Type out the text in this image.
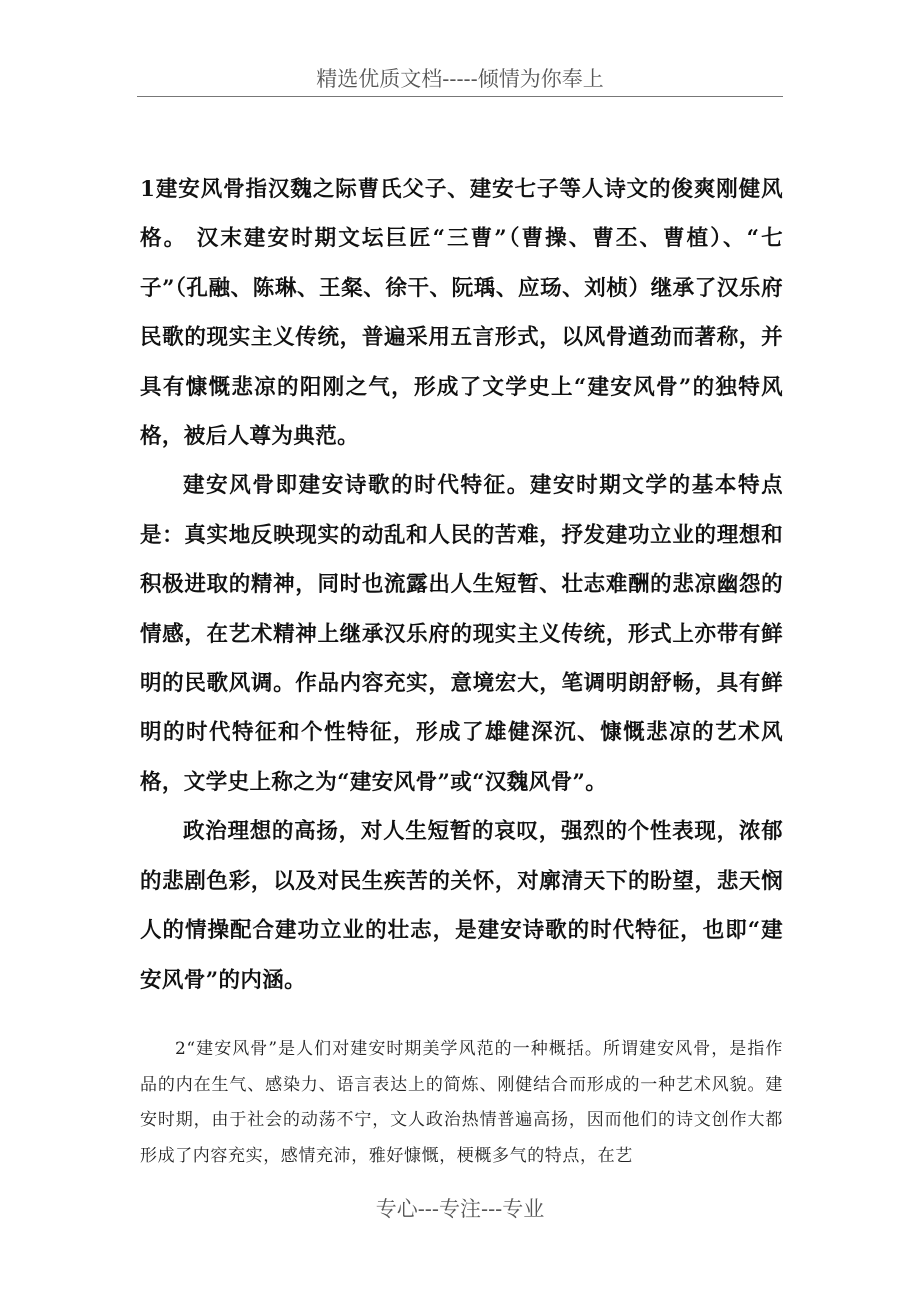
精选优质文档-----倾情为你奉上

1建安风骨指汉魏之际曹氏父子、建安七子等人诗文的俊爽刚健风格。 汉末建安时期文坛巨匠“三曹”（曹操、曹丕、曹植）、“七子”（孔融、陈琳、王粲、徐干、阮瑀、应玚、刘桢）继承了汉乐府民歌的现实主义传统，普遍采用五言形式，以风骨遒劲而著称，并具有慷慨悲凉的阳刚之气，形成了文学史上“建安风骨”的独特风格，被后人尊为典范。

建安风骨即建安诗歌的时代特征。建安时期文学的基本特点是：真实地反映现实的动乱和人民的苦难，抒发建功立业的理想和积极进取的精神，同时也流露出人生短暂、壮志难酬的悲凉幽怨的情感，在艺术精神上继承汉乐府的现实主义传统，形式上亦带有鲜明的民歌风调。作品内容充实，意境宏大，笔调明朗舒畅，具有鲜明的时代特征和个性特征，形成了雄健深沉、慷慨悲凉的艺术风格，文学史上称之为“建安风骨”或“汉魏风骨”。

政治理想的高扬，对人生短暂的哀叹，强烈的个性表现，浓郁的悲剧色彩，以及对民生疾苦的关怀，对廓清天下的盼望，悲天悯人的情操配合建功立业的壮志，是建安诗歌的时代特征，也即“建安风骨”的内涵。

2“建安风骨”是人们对建安时期美学风范的一种概括。所谓建安风骨，是指作品的内在生气、感染力、语言表达上的简炼、刚健结合而形成的一种艺术风貌。建安时期，由于社会的动荡不宁，文人政治热情普遍高扬，因而他们的诗文创作大都形成了内容充实，感情充沛，雅好慷慨，梗概多气的特点，在艺

专心---专注---专业
